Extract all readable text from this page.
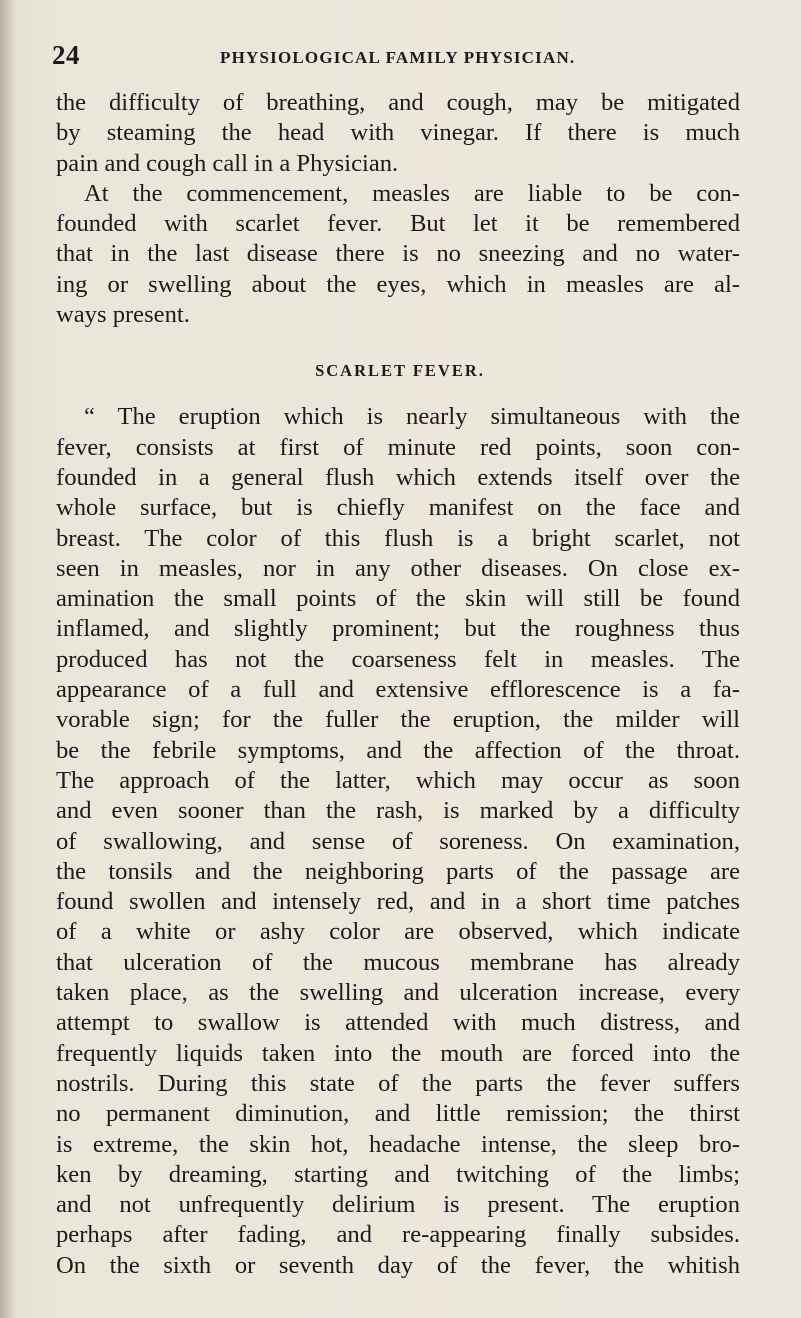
24	PHYSIOLOGICAL FAMILY PHYSICIAN.
the difficulty of breathing, and cough, may be mitigated
by steaming the head with vinegar. If there is much
pain and cough call in a Physician.
At the commencement, measles are liable to be con-
founded with scarlet fever. But let it be remembered
that in the last disease there is no sneezing and no water-
ing or swelling about the eyes, which in measles are al-
ways present.
SCARLET FEVER.
“ The eruption which is nearly simultaneous with the
fever, consists at first of minute red points, soon con-
founded in a general flush which extends itself over the
whole surface, but is chiefly manifest on the face and
breast. The color of this flush is a bright scarlet, not
seen in measles, nor in any other diseases. On close ex-
amination the small points of the skin will still be found
inflamed, and slightly prominent; but the roughness thus
produced has not the coarseness felt in measles. The
appearance of a full and extensive efflorescence is a fa-
vorable sign; for the fuller the eruption, the milder will
be the febrile symptoms, and the affection of the throat.
The approach of the latter, which may occur as soon
and even sooner than the rash, is marked by a difficulty
of swallowing, and sense of soreness. On examination,
the tonsils and the neighboring parts of the passage are
found swollen and intensely red, and in a short time patches
of a white or ashy color are observed, which indicate
that ulceration of the mucous membrane has already
taken place, as the swelling and ulceration increase, every
attempt to swallow is attended with much distress, and
frequently liquids taken into the mouth are forced into the
nostrils. During this state of the parts the fever suffers
no permanent diminution, and little remission; the thirst
is extreme, the skin hot, headache intense, the sleep bro-
ken by dreaming, starting and twitching of the limbs;
and not unfrequently delirium is present. The eruption
perhaps after fading, and re-appearing finally subsides.
On the sixth or seventh day of the fever, the whitish
